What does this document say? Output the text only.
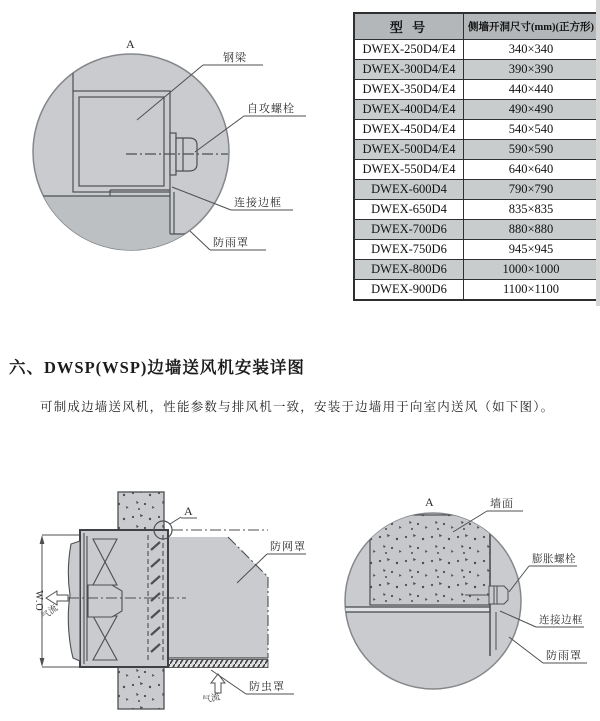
A
钢梁
自攻螺栓
连接边框
防雨罩
型 号	侧墙开洞尺寸(mm)(正方形)
DWEX-250D4/E4	340×340
DWEX-300D4/E4	390×390
DWEX-350D4/E4	440×440
DWEX-400D4/E4	490×490
DWEX-450D4/E4	540×540
DWEX-500D4/E4	590×590
DWEX-550D4/E4	640×640
DWEX-600D4	790×790
DWEX-650D4	835×835
DWEX-700D6	880×880
DWEX-750D6	945×945
DWEX-800D6	1000×1000
DWEX-900D6	1100×1100
六、DWSP(WSP)边墙送风机安装详图
可制成边墙送风机，性能参数与排风机一致，安装于边墙用于向室内送风（如下图）。
A
W.O
气流
气流
防网罩
防虫罩
A	墙面
膨胀螺栓
连接边框
防雨罩
